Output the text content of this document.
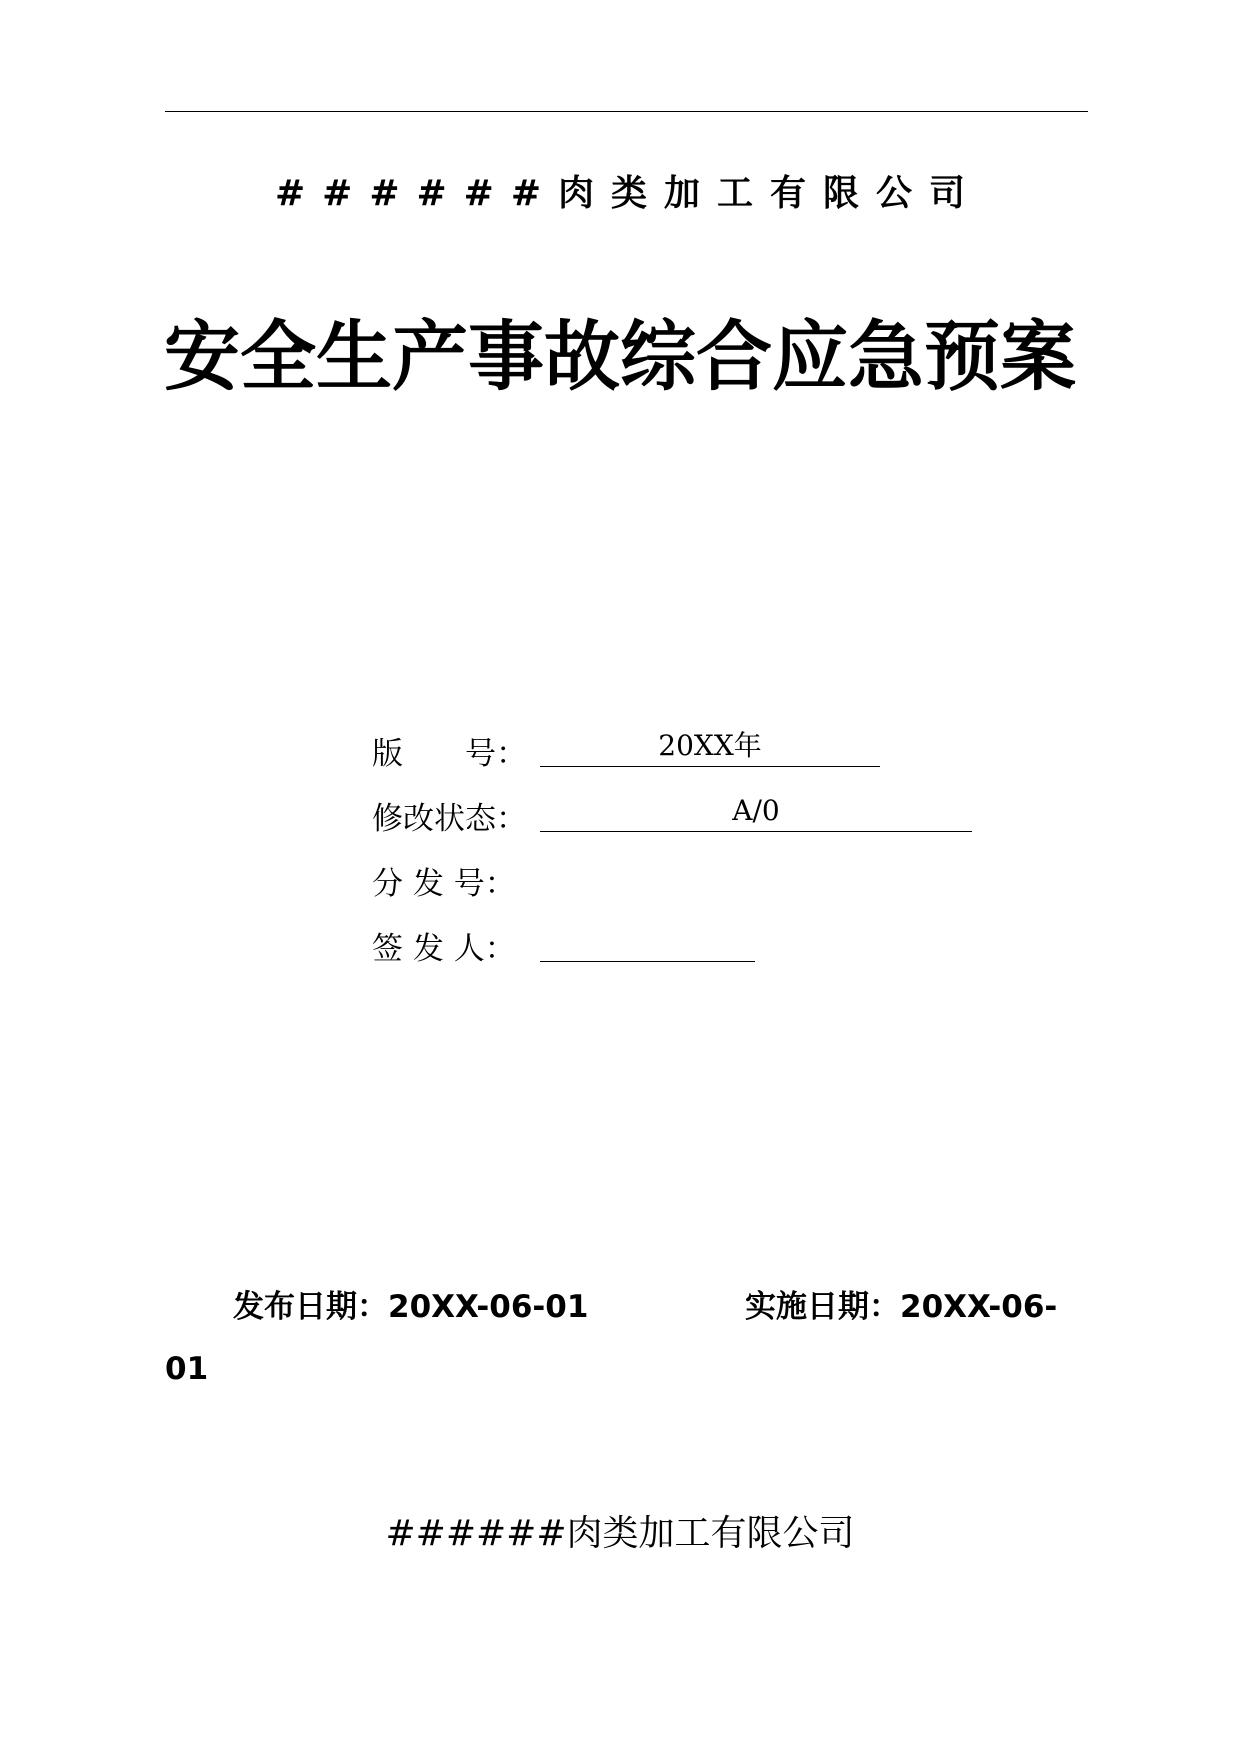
######肉类加工有限公司
安全生产事故综合应急预案
版　　号：	20XX年
修改状态：	A/0
分 发 号：
签 发 人：
发布日期：20XX-06-01	实施日期：20XX-06-
01
######肉类加工有限公司
